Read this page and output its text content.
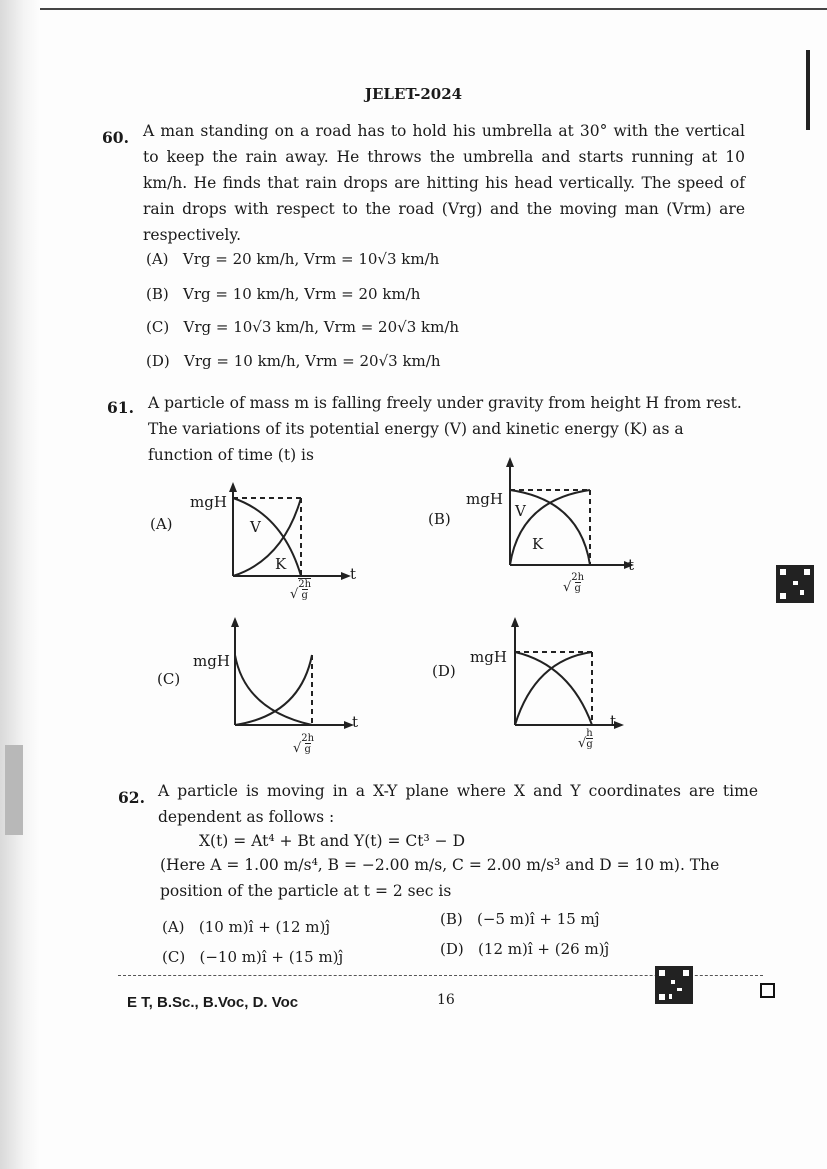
JELET-2024
60. A man standing on a road has to hold his umbrella at 30° with the vertical to keep the rain away. He throws the umbrella and starts running at 10 km/h. He finds that rain drops are hitting his head vertically. The speed of rain drops with respect to the road (Vrg) and the moving man (Vrm) are respectively.
(A) Vrg = 20 km/h, Vrm = 10√3 km/h
(B) Vrg = 10 km/h, Vrm = 20 km/h
(C) Vrg = 10√3 km/h, Vrm = 20√3 km/h
(D) Vrg = 10 km/h, Vrm = 20√3 km/h
61. A particle of mass m is falling freely under gravity from height H from rest. The variations of its potential energy (V) and kinetic energy (K) as a function of time (t) is
(A)
mgH
V
K
t
√2h
g
(B)
mgH
V
K
t
√2h
g
(C)
mgH
t
√2h
g
(D)
mgH
t
$√\frac{h}{g}$
62. A particle is moving in a X-Y plane where X and Y coordinates are time dependent as follows :
X(t) = At⁴ + Bt and Y(t) = Ct³ − D
(Here A = 1.00 m/s⁴, B = −2.00 m/s, C = 2.00 m/s³ and D = 10 m). The position of the particle at t = 2 sec is
(A) (10 m)î + (12 m)ĵ	(B) (−5 m)î + 15 mĵ
(C) (−10 m)î + (15 m)ĵ	(D) (12 m)î + (26 m)ĵ
E T, B.Sc., B.Voc, D. Voc	16
